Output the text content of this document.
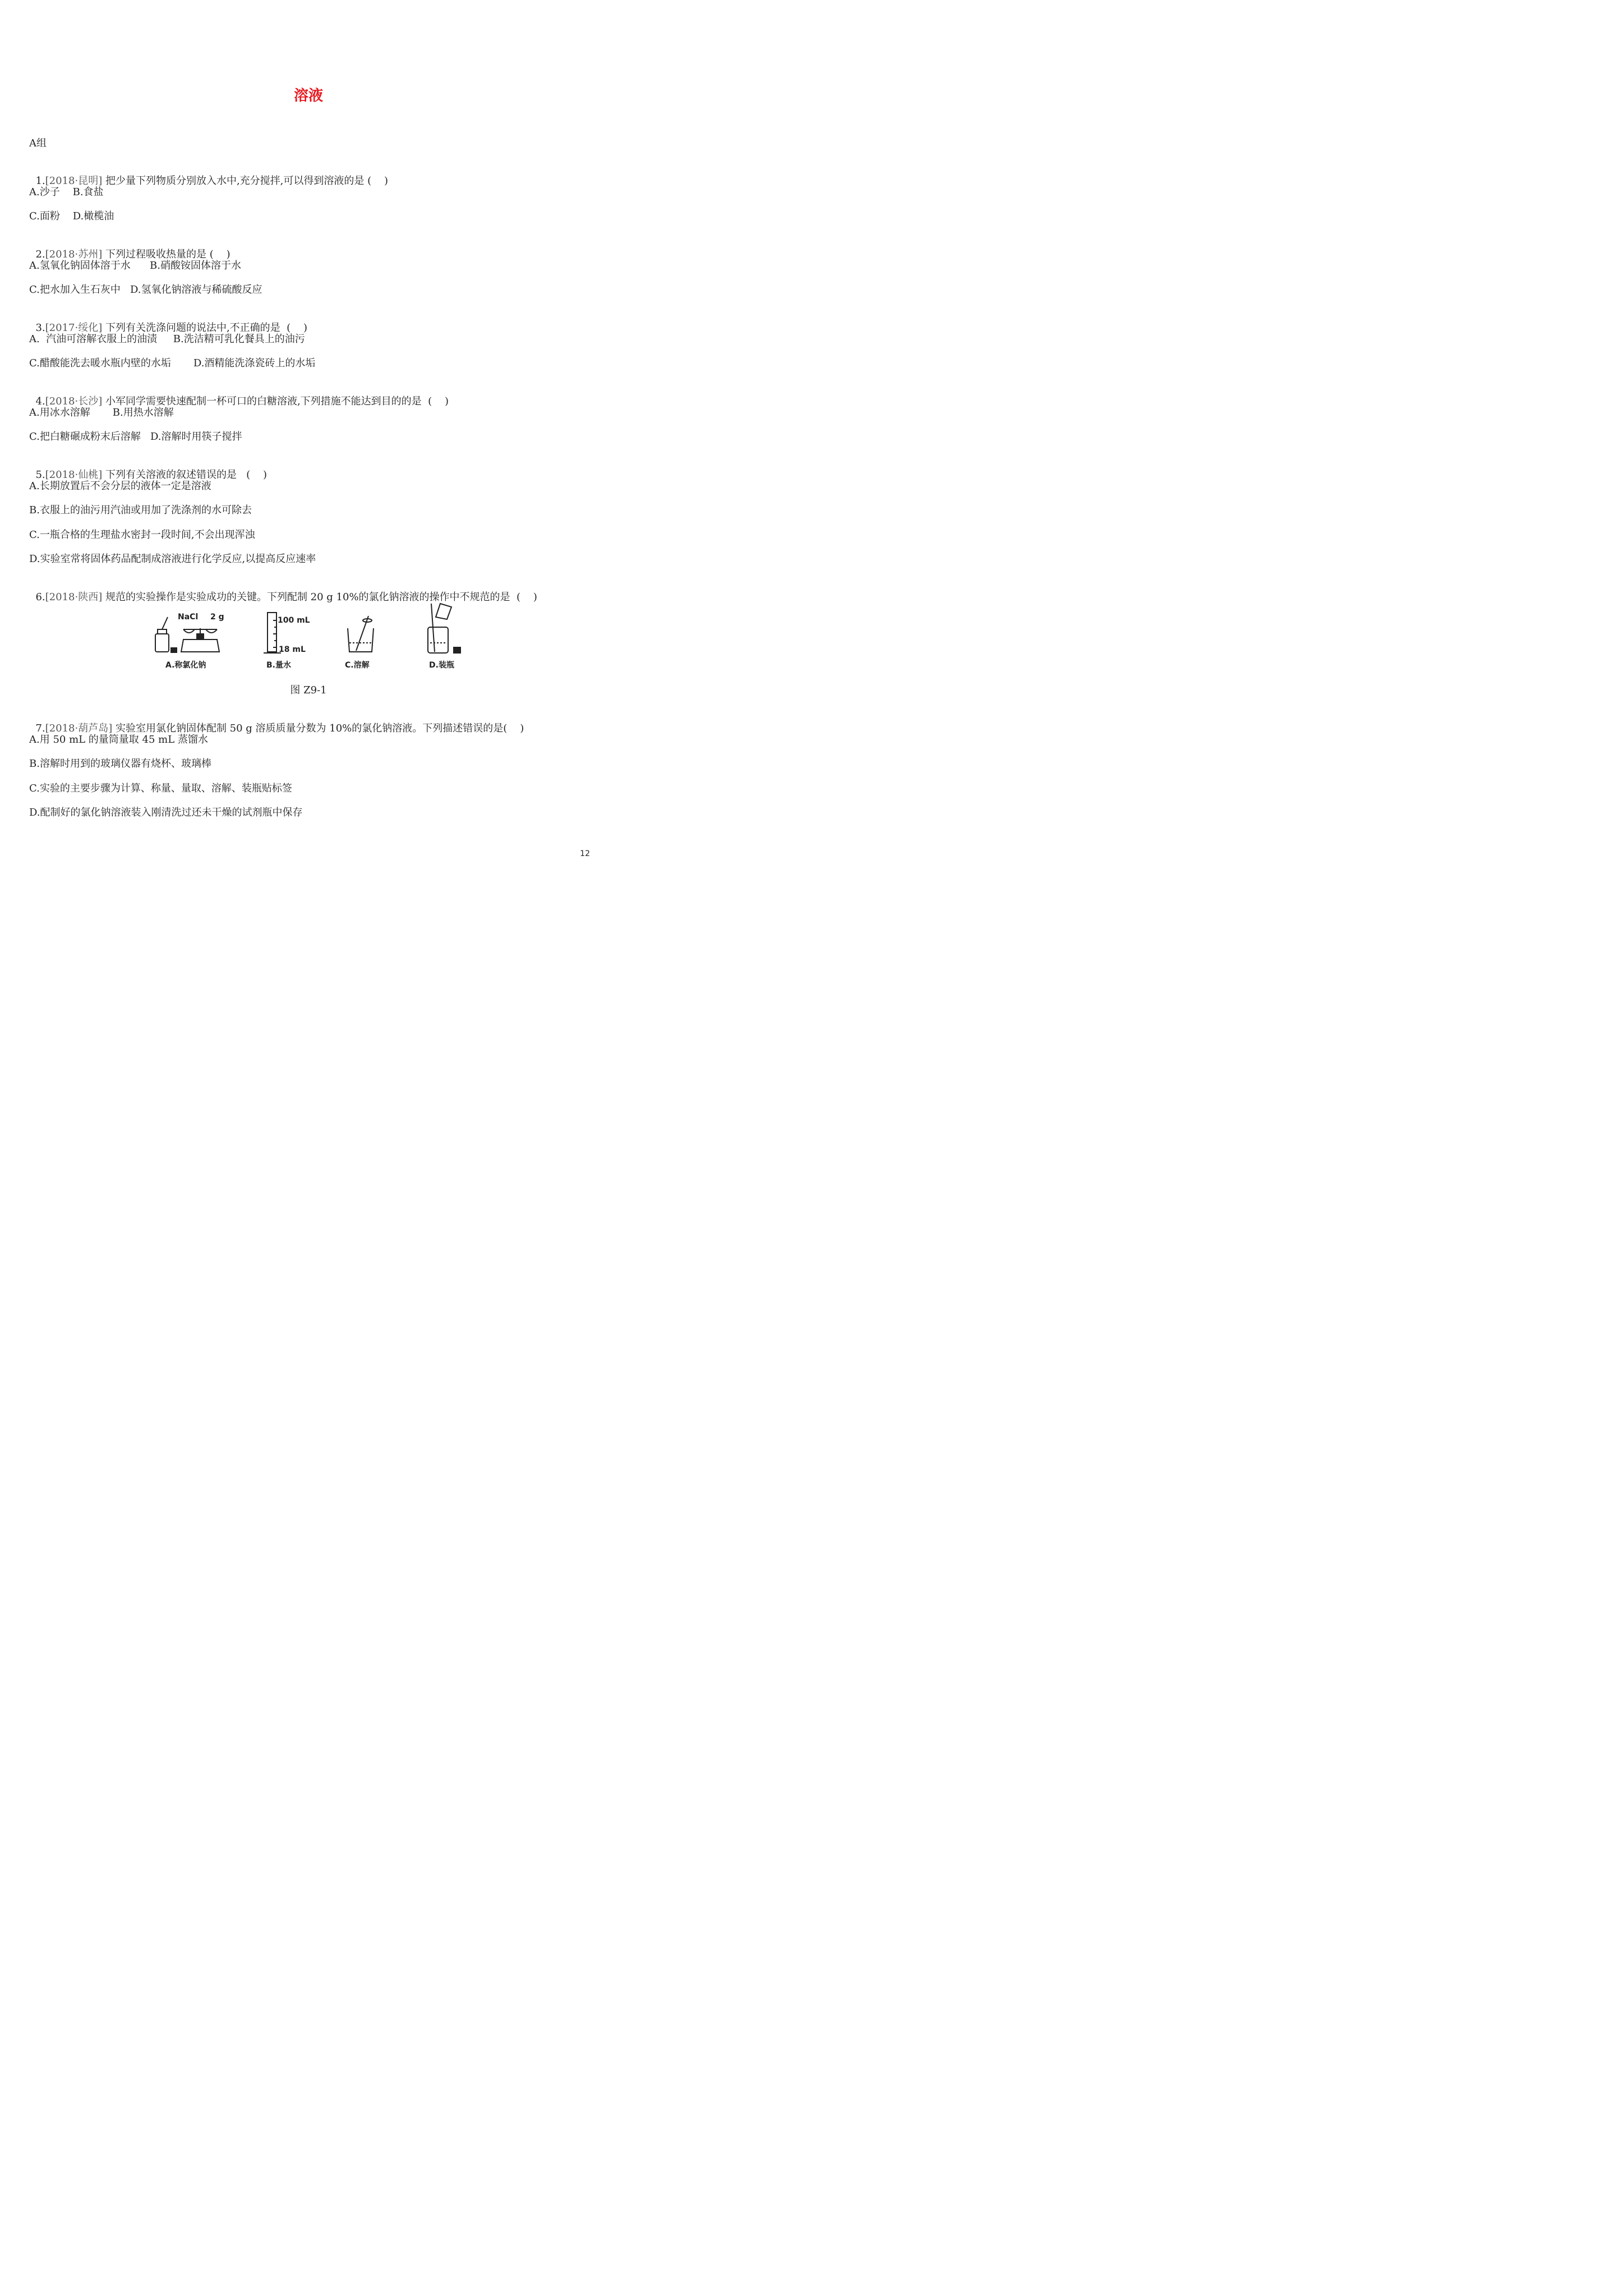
溶液
A组

1.[2018·昆明] 把少量下列物质分别放入水中,充分搅拌,可以得到溶液的是 (    )

A.沙子    B.食盐
C.面粉    D.橄榄油

2.[2018·苏州] 下列过程吸收热量的是 (    )

A.氢氧化钠固体溶于水      B.硝酸铵固体溶于水
C.把水加入生石灰中   D.氢氧化钠溶液与稀硫酸反应

3.[2017·绥化] 下列有关洗涤问题的说法中,不正确的是 (    )

A.  汽油可溶解衣服上的油渍     B.洗洁精可乳化餐具上的油污
C.醋酸能洗去暖水瓶内壁的水垢       D.酒精能洗涤瓷砖上的水垢

4.[2018·长沙] 小军同学需要快速配制一杯可口的白糖溶液,下列措施不能达到目的的是 (    )

A.用冰水溶解       B.用热水溶解
C.把白糖碾成粉末后溶解   D.溶解时用筷子搅拌

5.[2018·仙桃] 下列有关溶液的叙述错误的是 (    )

A.长期放置后不会分层的液体一定是溶液
B.衣服上的油污用汽油或用加了洗涤剂的水可除去
C.一瓶合格的生理盐水密封一段时间,不会出现浑浊
D.实验室常将固体药品配制成溶液进行化学反应,以提高反应速率

6.[2018·陕西] 规范的实验操作是实验成功的关键。下列配制 20 g 10%的氯化钠溶液的操作中不规范的是 (    )

NaCl 2 g	100 mL
18 mL
A.称氯化钠	B.量水	C.溶解	D.装瓶
图 Z9-1

7.[2018·葫芦岛] 实验室用氯化钠固体配制 50 g 溶质质量分数为 10%的氯化钠溶液。下列描述错误的是(    )

A.用 50 mL 的量筒量取 45 mL 蒸馏水
B.溶解时用到的玻璃仪器有烧杯、玻璃棒
C.实验的主要步骤为计算、称量、量取、溶解、装瓶贴标签
D.配制好的氯化钠溶液装入刚清洗过还未干燥的试剂瓶中保存
12
